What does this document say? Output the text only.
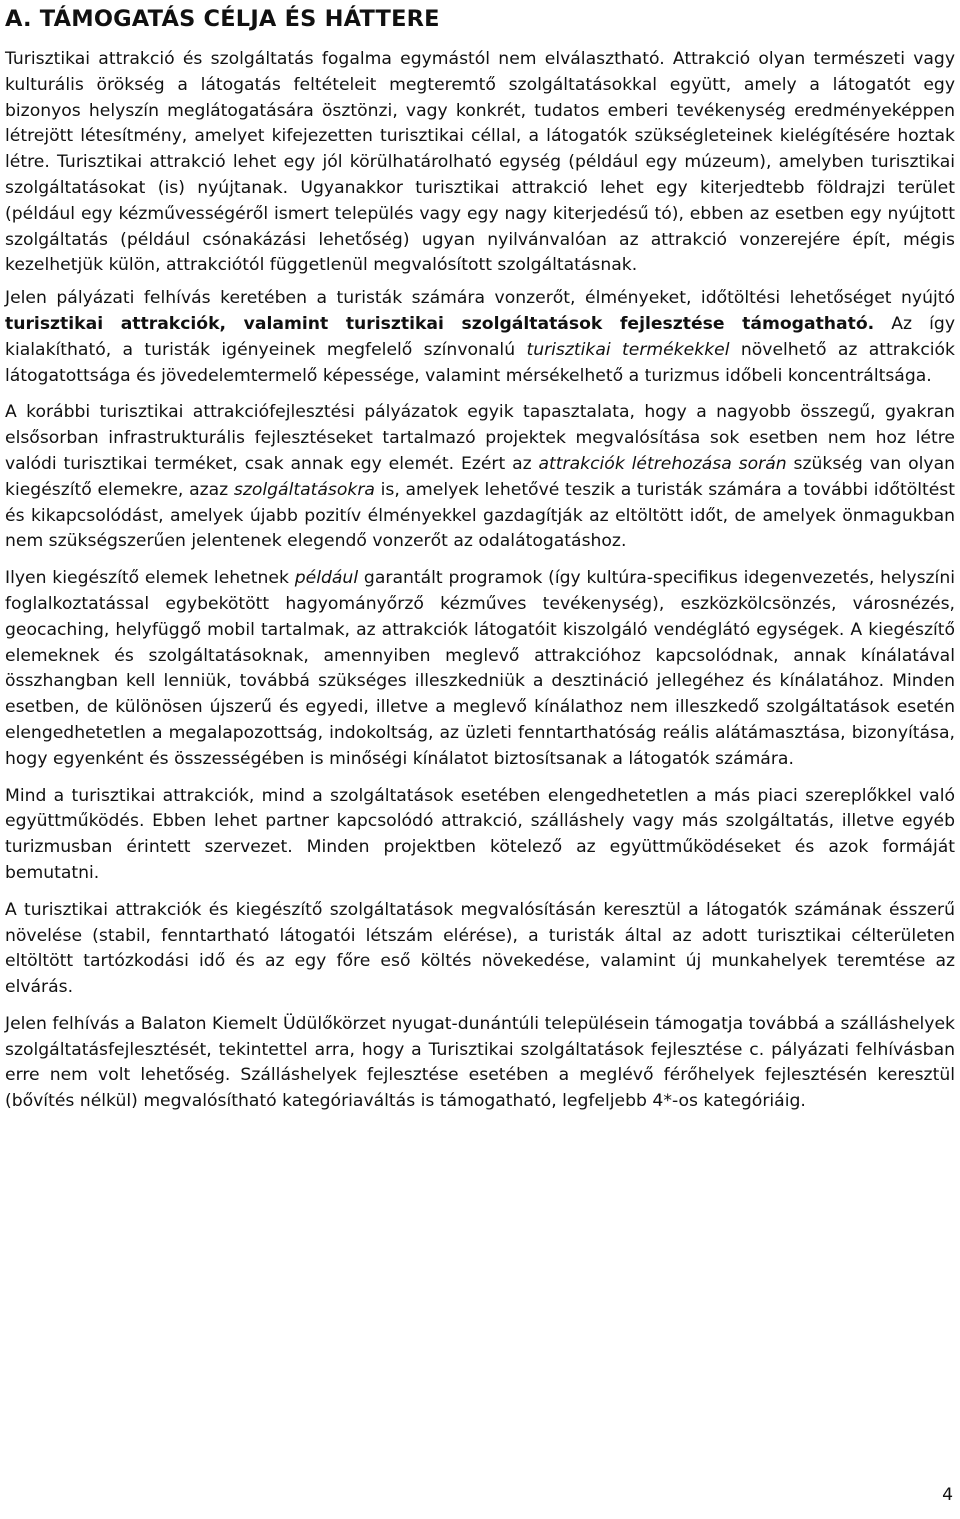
A. TÁMOGATÁS CÉLJA ÉS HÁTTERE

Turisztikai attrakció és szolgáltatás fogalma egymástól nem elválasztható. Attrakció olyan természeti vagy kulturális örökség a látogatás feltételeit megteremtő szolgáltatásokkal együtt, amely a látogatót egy bizonyos helyszín meglátogatására ösztönzi, vagy konkrét, tudatos emberi tevékenység eredményeképpen létrejött létesítmény, amelyet kifejezetten turisztikai céllal, a látogatók szükségleteinek kielégítésére hoztak létre. Turisztikai attrakció lehet egy jól körülhatárolható egység (például egy múzeum), amelyben turisztikai szolgáltatásokat (is) nyújtanak. Ugyanakkor turisztikai attrakció lehet egy kiterjedtebb földrajzi terület (például egy kézművességéről ismert település vagy egy nagy kiterjedésű tó), ebben az esetben egy nyújtott szolgáltatás (például csónakázási lehetőség) ugyan nyilvánvalóan az attrakció vonzerejére épít, mégis kezelhetjük külön, attrakciótól függetlenül megvalósított szolgáltatásnak.

Jelen pályázati felhívás keretében a turisták számára vonzerőt, élményeket, időtöltési lehetőséget nyújtó turisztikai attrakciók, valamint turisztikai szolgáltatások fejlesztése támogatható. Az így kialakítható, a turisták igényeinek megfelelő színvonalú turisztikai termékekkel növelhető az attrakciók látogatottsága és jövedelemtermelő képessége, valamint mérsékelhető a turizmus időbeli koncentráltsága.

A korábbi turisztikai attrakciófejlesztési pályázatok egyik tapasztalata, hogy a nagyobb összegű, gyakran elsősorban infrastrukturális fejlesztéseket tartalmazó projektek megvalósítása sok esetben nem hoz létre valódi turisztikai terméket, csak annak egy elemét. Ezért az attrakciók létrehozása során szükség van olyan kiegészítő elemekre, azaz szolgáltatásokra is, amelyek lehetővé teszik a turisták számára a további időtöltést és kikapcsolódást, amelyek újabb pozitív élményekkel gazdagítják az eltöltött időt, de amelyek önmagukban nem szükségszerűen jelentenek elegendő vonzerőt az odalátogatáshoz.

Ilyen kiegészítő elemek lehetnek például garantált programok (így kultúra-specifikus idegenvezetés, helyszíni foglalkoztatással egybekötött hagyományőrző kézműves tevékenység), eszközkölcsönzés, városnézés, geocaching, helyfüggő mobil tartalmak, az attrakciók látogatóit kiszolgáló vendéglátó egységek. A kiegészítő elemeknek és szolgáltatásoknak, amennyiben meglevő attrakcióhoz kapcsolódnak, annak kínálatával összhangban kell lenniük, továbbá szükséges illeszkedniük a desztináció jellegéhez és kínálatához. Minden esetben, de különösen újszerű és egyedi, illetve a meglevő kínálathoz nem illeszkedő szolgáltatások esetén elengedhetetlen a megalapozottság, indokoltság, az üzleti fenntarthatóság reális alátámasztása, bizonyítása, hogy egyenként és összességében is minőségi kínálatot biztosítsanak a látogatók számára.

Mind a turisztikai attrakciók, mind a szolgáltatások esetében elengedhetetlen a más piaci szereplőkkel való együttműködés. Ebben lehet partner kapcsolódó attrakció, szálláshely vagy más szolgáltatás, illetve egyéb turizmusban érintett szervezet. Minden projektben kötelező az együttműködéseket és azok formáját bemutatni.

A turisztikai attrakciók és kiegészítő szolgáltatások megvalósításán keresztül a látogatók számának ésszerű növelése (stabil, fenntartható látogatói létszám elérése), a turisták által az adott turisztikai célterületen eltöltött tartózkodási idő és az egy főre eső költés növekedése, valamint új munkahelyek teremtése az elvárás.

Jelen felhívás a Balaton Kiemelt Üdülőkörzet nyugat-dunántúli településein támogatja továbbá a szálláshelyek szolgáltatásfejlesztését, tekintettel arra, hogy a Turisztikai szolgáltatások fejlesztése c. pályázati felhívásban erre nem volt lehetőség. Szálláshelyek fejlesztése esetében a meglévő férőhelyek fejlesztésén keresztül (bővítés nélkül) megvalósítható kategóriaváltás is támogatható, legfeljebb 4*-os kategóriáig.

4
